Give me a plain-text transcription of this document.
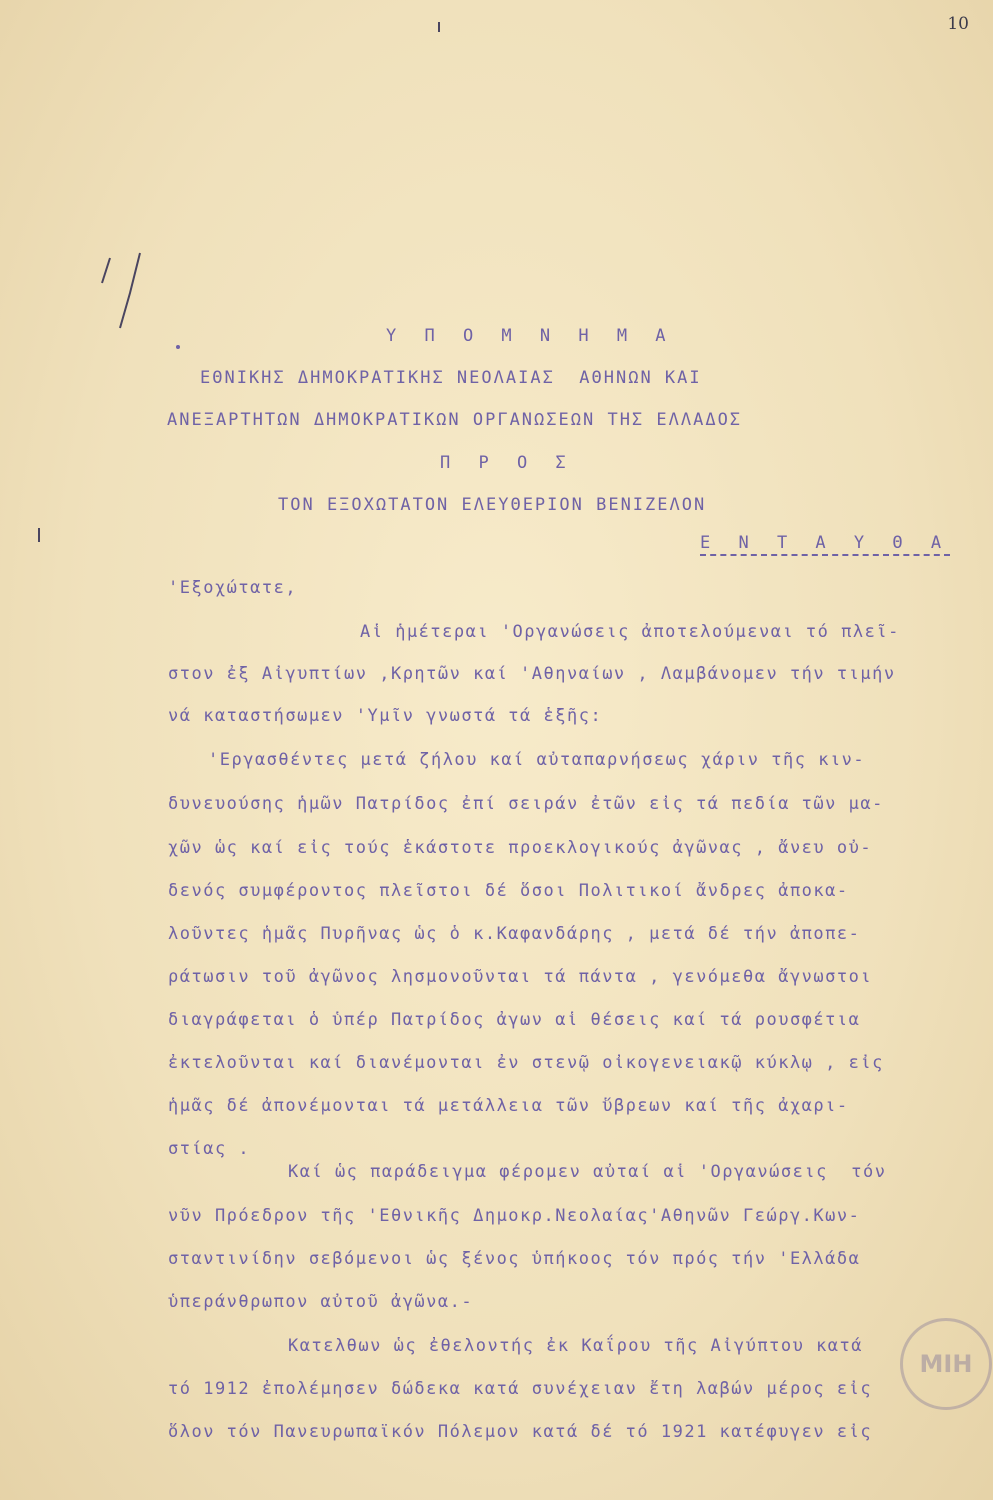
10
Υ Π Ο Μ Ν Η Μ Α
ΕΘΝΙΚΗΣ ΔΗΜΟΚΡΑΤΙΚΗΣ ΝΕΟΛΑΙΑΣ  ΑΘΗΝΩΝ ΚΑΙ
ΑΝΕΞΑΡΤΗΤΩΝ ΔΗΜΟΚΡΑΤΙΚΩΝ ΟΡΓΑΝΩΣΕΩΝ ΤΗΣ ΕΛΛΑΔΟΣ
Π Ρ Ο Σ
ΤΟΝ ΕΞΟΧΩΤΑΤΟΝ ΕΛΕΥΘΕΡΙΟΝ ΒΕΝΙΖΕΛΟΝ
Ε Ν Τ Α Υ Θ Α
'Εξοχώτατε,
Αἱ ἡμέτεραι 'Οργανώσεις ἀποτελούμεναι τό πλεῖ-
στον ἐξ Αἰγυπτίων ,Κρητῶν καί 'Αθηναίων , Λαμβάνομεν τήν τιμήν
νά καταστήσωμεν 'Υμῖν γνωστά τά ἑξῆς:
'Εργασθέντες μετά ζήλου καί αὐταπαρνήσεως χάριν τῆς κιν-
δυνευούσης ἡμῶν Πατρίδος ἐπί σειράν ἐτῶν εἰς τά πεδία τῶν μα-
χῶν ὡς καί εἰς τούς ἑκάστοτε προεκλογικούς ἀγῶνας , ἄνευ οὐ-
δενός συμφέροντος πλεῖστοι δέ ὅσοι Πολιτικοί ἄνδρες ἀποκα-
λοῦντες ἡμᾶς Πυρῆνας ὡς ὁ κ.Καφανδάρης , μετά δέ τήν ἀποπε-
ράτωσιν τοῦ ἀγῶνος λησμονοῦνται τά πάντα , γενόμεθα ἄγνωστοι
διαγράφεται ὁ ὑπέρ Πατρίδος ἀγων αἱ θέσεις καί τά ρουσφέτια
ἐκτελοῦνται καί διανέμονται ἐν στενῷ οἰκογενειακῷ κύκλῳ , εἰς
ἡμᾶς δέ ἀπονέμονται τά μετάλλεια τῶν ὕβρεων καί τῆς ἀχαρι-
στίας .
Καί ὡς παράδειγμα φέρομεν αὐταί αἱ 'Οργανώσεις  τόν
νῦν Πρόεδρον τῆς 'Εθνικῆς Δημοκρ.Νεολαίας'Αθηνῶν Γεώργ.Κων-
σταντινίδην σεβόμενοι ὡς ξένος ὑπήκοος τόν πρός τήν 'Ελλάδα
ὑπεράνθρωπον αὐτοῦ ἀγῶνα.-
Κατελθων ὡς ἐθελοντής ἐκ Καΐρου τῆς Αἰγύπτου κατά
τό 1912 ἐπολέμησεν δώδεκα κατά συνέχειαν ἔτη λαβών μέρος εἰς
ὅλον τόν Πανευρωπαϊκόν Πόλεμον κατά δέ τό 1921 κατέφυγεν εἰς
ΜΙΗ
